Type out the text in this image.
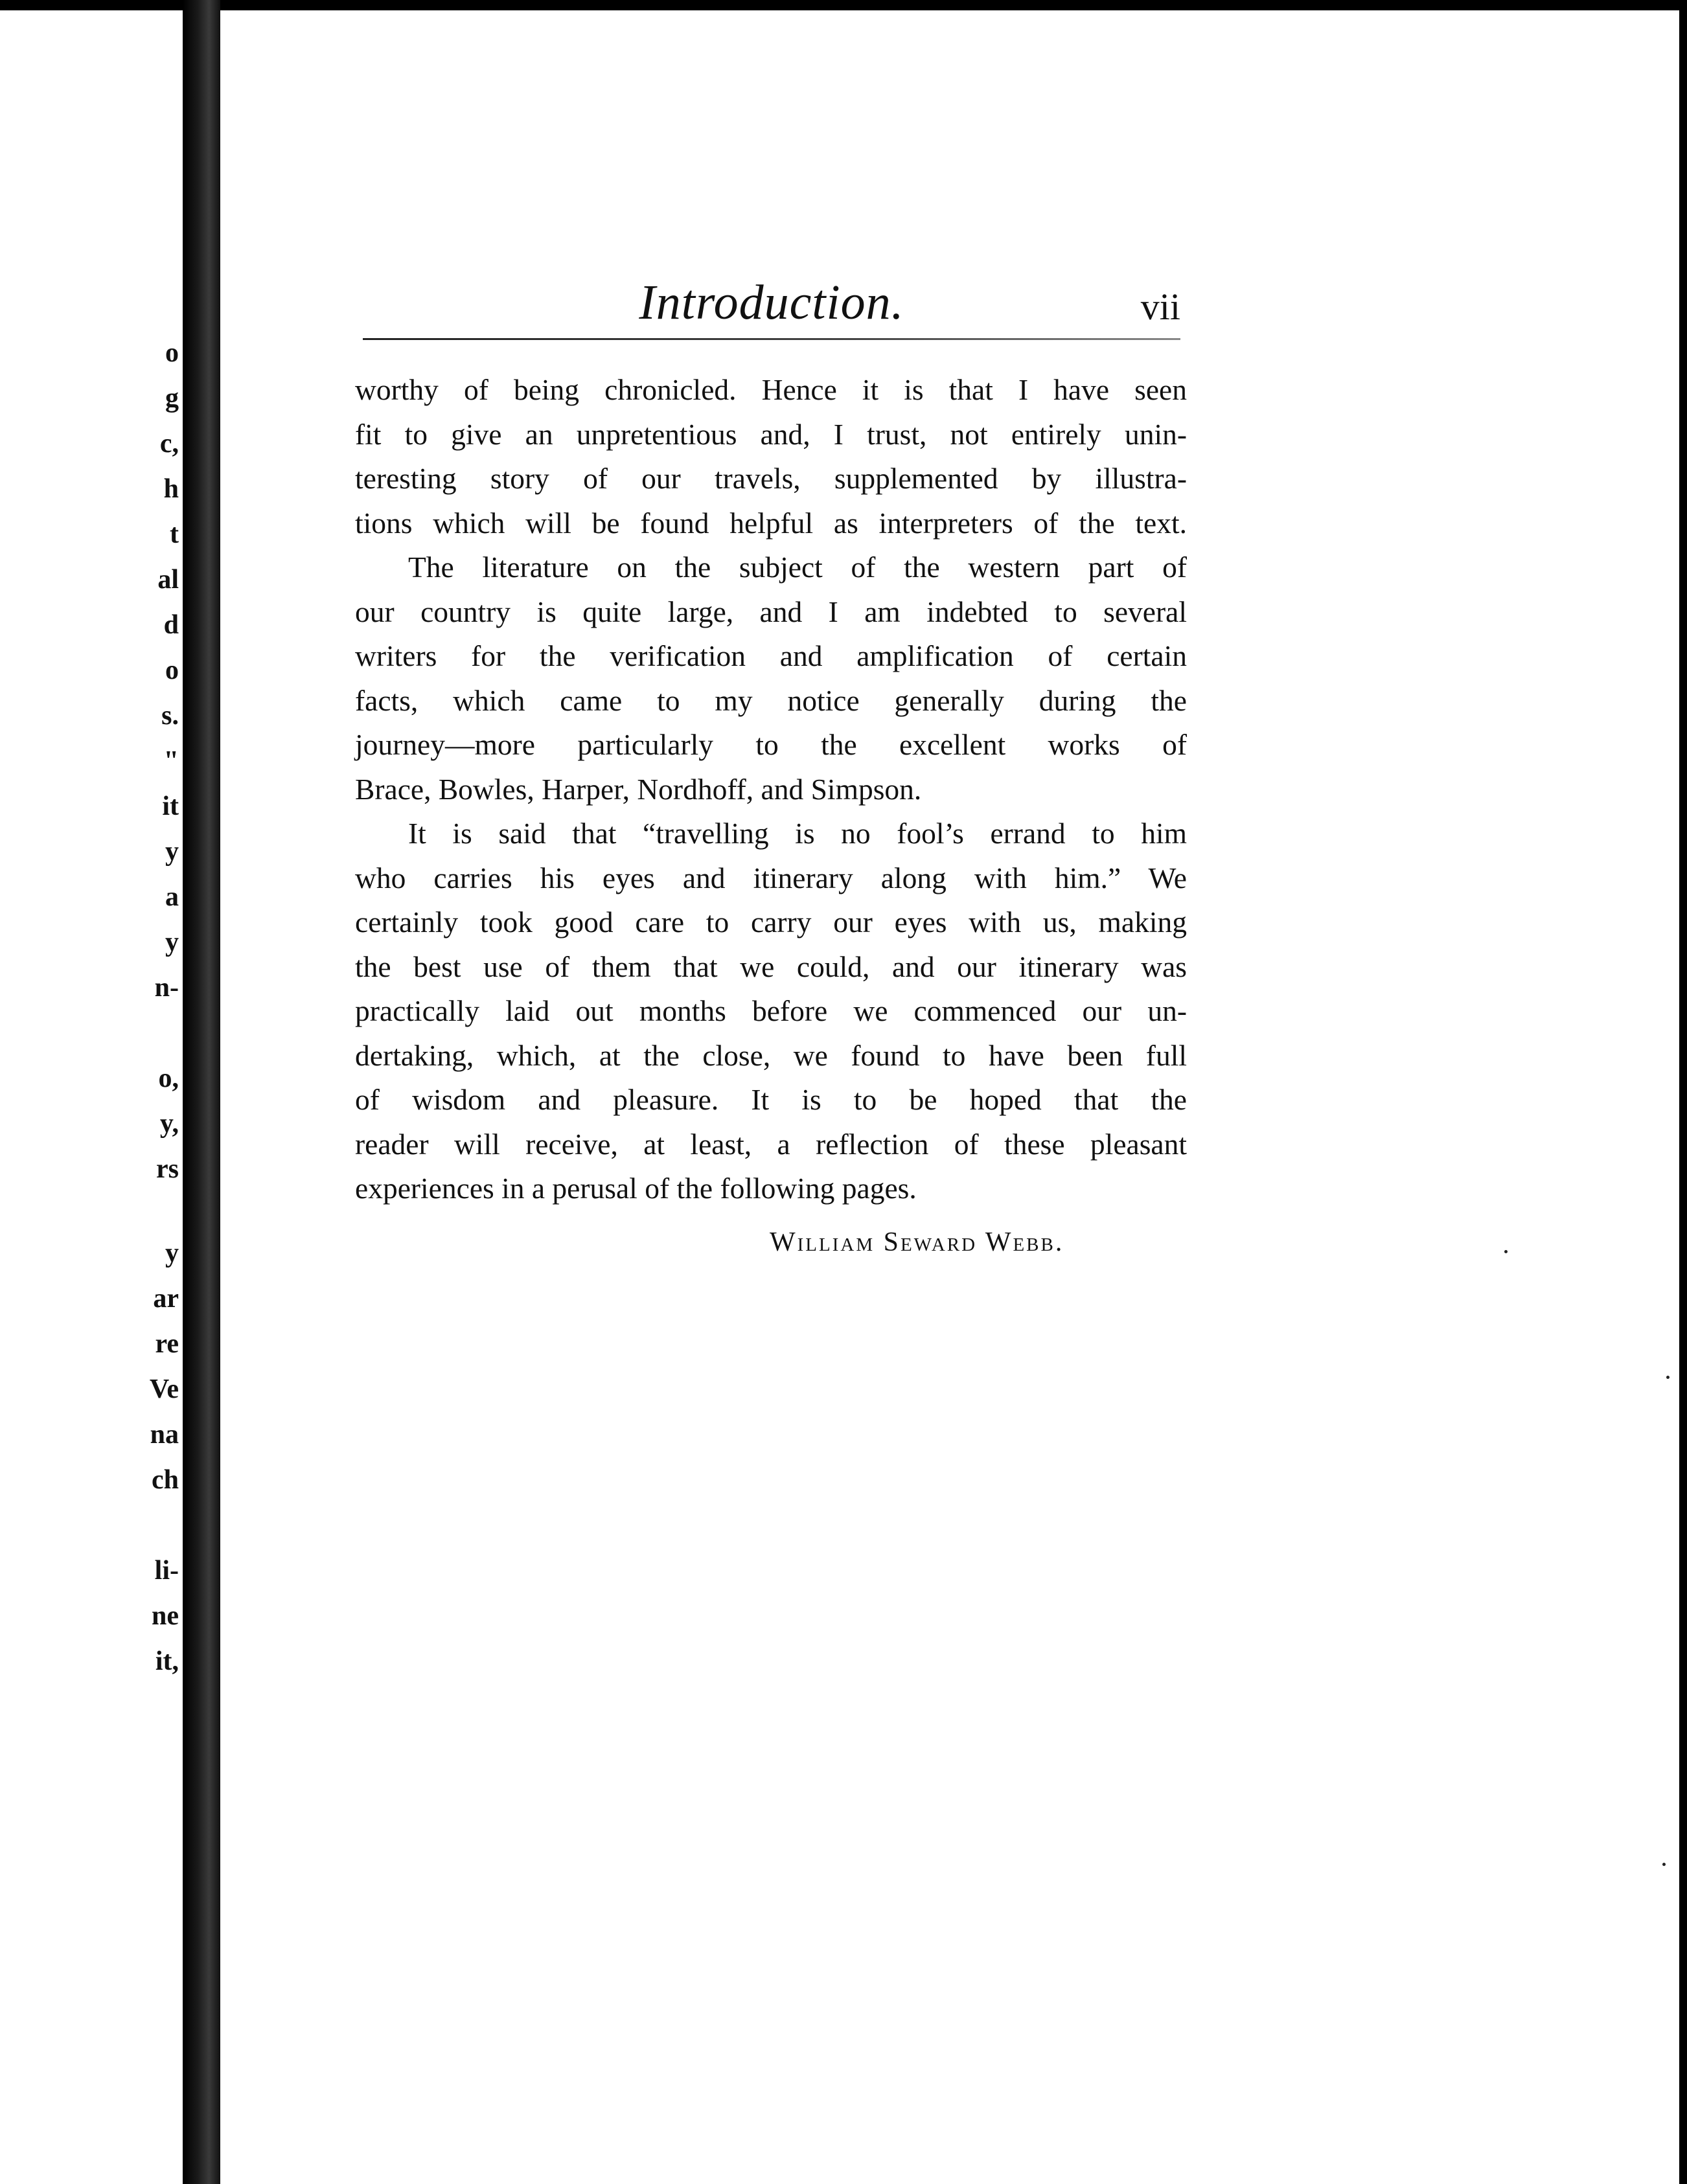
o
g
c,
h
t
al
d
o
s.
"
it
y
a
y
n-
o,
y,
rs
y
ar
re
Ve
na
ch
li-
ne
it,
Introduction.	vii

worthy of being chronicled. Hence it is that I have seen
fit to give an unpretentious and, I trust, not entirely unin-
teresting story of our travels, supplemented by illustra-
tions which will be found helpful as interpreters of the text.

The literature on the subject of the western part of
our country is quite large, and I am indebted to several
writers for the verification and amplification of certain
facts, which came to my notice generally during the
journey—more particularly to the excellent works of
Brace, Bowles, Harper, Nordhoff, and Simpson.

It is said that “travelling is no fool’s errand to him
who carries his eyes and itinerary along with him.” We
certainly took good care to carry our eyes with us, making
the best use of them that we could, and our itinerary was
practically laid out months before we commenced our un-
dertaking, which, at the close, we found to have been full
of wisdom and pleasure. It is to be hoped that the
reader will receive, at least, a reflection of these pleasant
experiences in a perusal of the following pages.

William Seward Webb.
